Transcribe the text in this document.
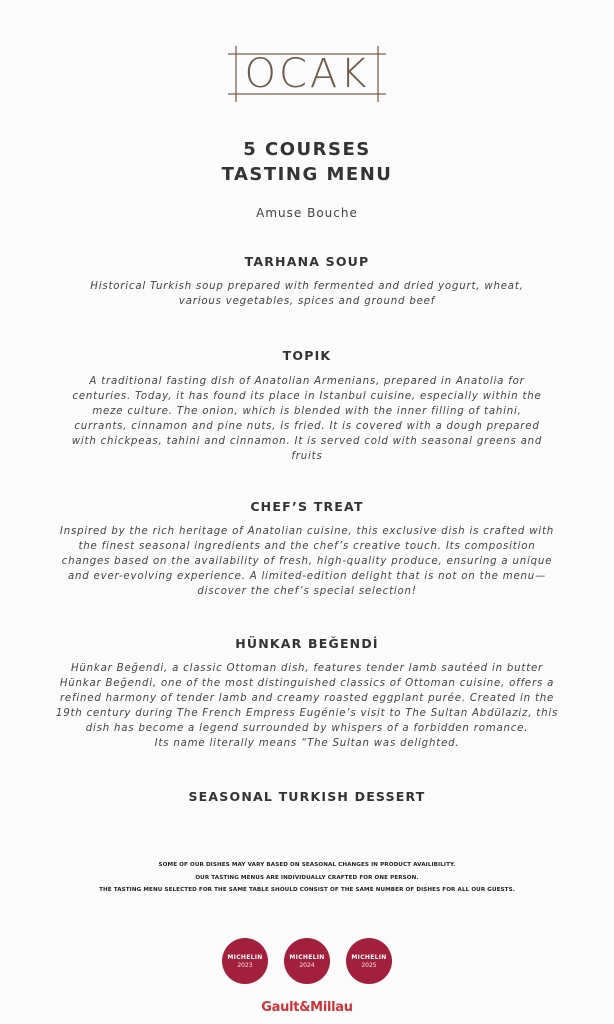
OCAK
5 COURSES
TASTING MENU
Amuse Bouche
TARHANA SOUP
Historical Turkish soup prepared with fermented and dried yogurt, wheat,
various vegetables, spices and ground beef
TOPIK
A traditional fasting dish of Anatolian Armenians, prepared in Anatolia for
centuries. Today, it has found its place in Istanbul cuisine, especially within the
meze culture. The onion, which is blended with the inner filling of tahini,
currants, cinnamon and pine nuts, is fried. It is covered with a dough prepared
with chickpeas, tahini and cinnamon. It is served cold with seasonal greens and
fruits
CHEF’S TREAT
Inspired by the rich heritage of Anatolian cuisine, this exclusive dish is crafted with
the finest seasonal ingredients and the chef’s creative touch. Its composition
changes based on the availability of fresh, high-quality produce, ensuring a unique
and ever-evolving experience. A limited-edition delight that is not on the menu—
discover the chef’s special selection!
HÜNKAR BEĞENDİ
Hünkar Beğendi, a classic Ottoman dish, features tender lamb sautéed in butter
Hünkar Beğendi, one of the most distinguished classics of Ottoman cuisine, offers a
refined harmony of tender lamb and creamy roasted eggplant purée. Created in the
19th century during The French Empress Eugénie’s visit to The Sultan Abdülaziz, this
dish has become a legend surrounded by whispers of a forbidden romance.
Its name literally means “The Sultan was delighted.
SEASONAL TURKISH DESSERT
SOME OF OUR DISHES MAY VARY BASED ON SEASONAL CHANGES IN PRODUCT AVAILIBILITY.
OUR TASTING MENUS ARE INDIVIDUALLY CRAFTED FOR ONE PERSON.
THE TASTING MENU SELECTED FOR THE SAME TABLE SHOULD CONSIST OF THE SAME NUMBER OF DISHES FOR ALL OUR GUESTS.
MICHELIN
2023
MICHELIN
2024
MICHELIN
2025
Gault&Millau
